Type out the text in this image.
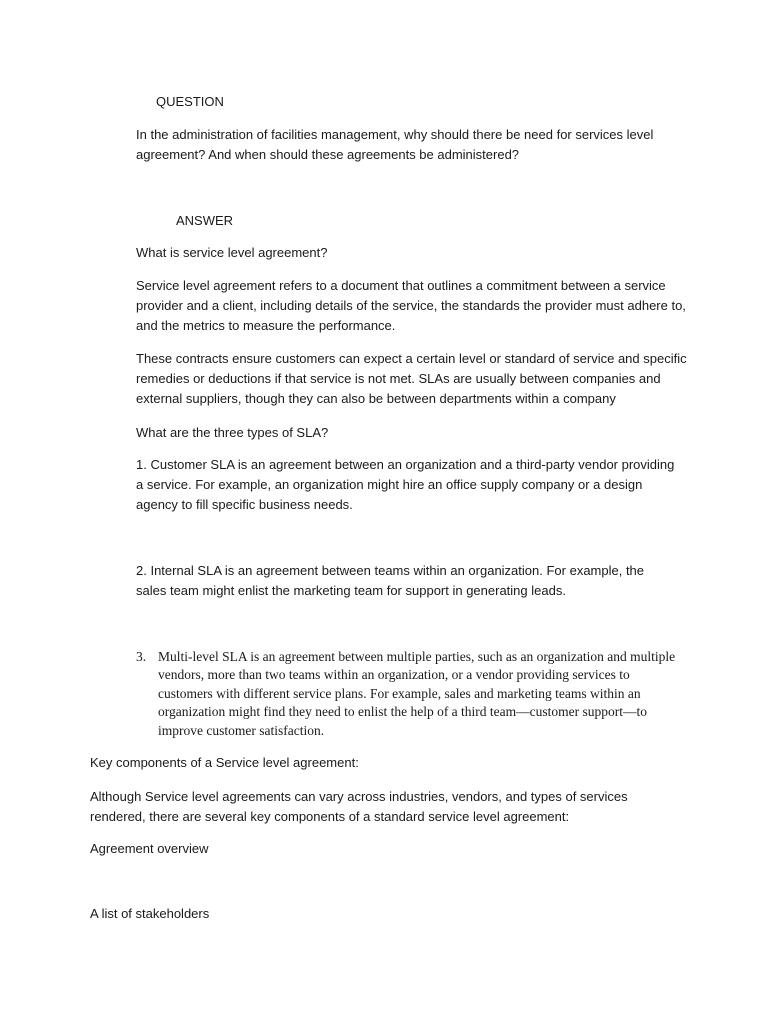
QUESTION

In the administration of facilities management, why should there be need for services level agreement? And when should these agreements be administered?

ANSWER

What is service level agreement?

Service level agreement refers to a document that outlines a commitment between a service provider and a client, including details of the service, the standards the provider must adhere to, and the metrics to measure the performance.

These contracts ensure customers can expect a certain level or standard of service and specific remedies or deductions if that service is not met. SLAs are usually between companies and external suppliers, though they can also be between departments within a company

What are the three types of SLA?

1. Customer SLA is an agreement between an organization and a third-party vendor providing a service. For example, an organization might hire an office supply company or a design agency to fill specific business needs.

2. Internal SLA is an agreement between teams within an organization. For example, the sales team might enlist the marketing team for support in generating leads.

3. Multi-level SLA is an agreement between multiple parties, such as an organization and multiple vendors, more than two teams within an organization, or a vendor providing services to customers with different service plans. For example, sales and marketing teams within an organization might find they need to enlist the help of a third team—customer support—to improve customer satisfaction.

Key components of a Service level agreement:

Although Service level agreements can vary across industries, vendors, and types of services rendered, there are several key components of a standard service level agreement:

Agreement overview

A list of stakeholders
